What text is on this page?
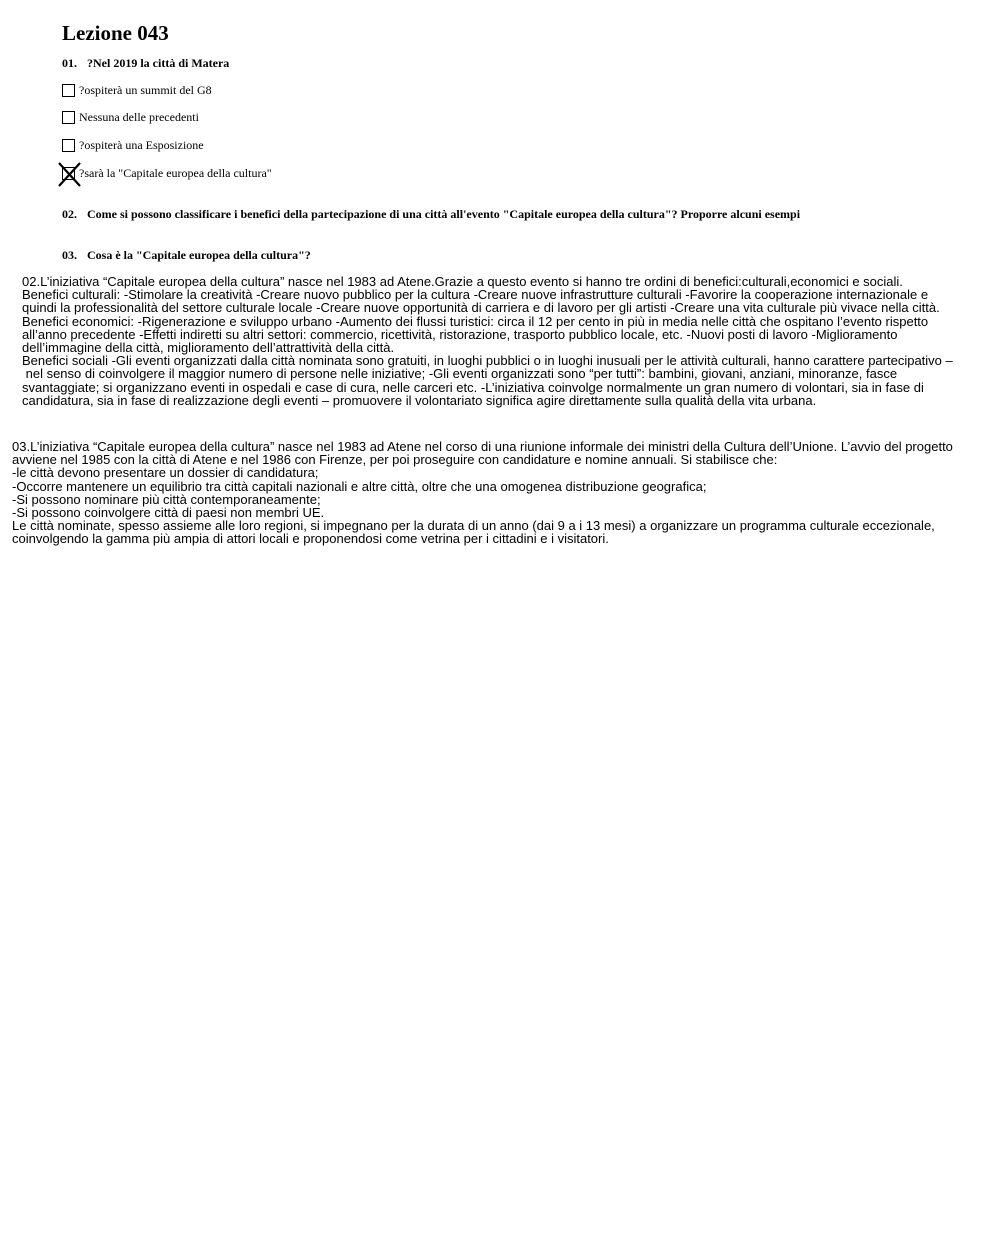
Lezione 043
01. ?Nel 2019 la città di Matera
?ospiterà un summit del G8
Nessuna delle precedenti
?ospiterà una Esposizione
?sarà la "Capitale europea della cultura"
02. Come si possono classificare i benefici della partecipazione di una città all'evento "Capitale europea della cultura"? Proporre alcuni esempi
03. Cosa è la "Capitale europea della cultura"?
02.L’iniziativa “Capitale europea della cultura” nasce nel 1983 ad Atene.Grazie a questo evento si hanno tre ordini di benefici:culturali,economici e sociali.
Benefici culturali: -Stimolare la creatività -Creare nuovo pubblico per la cultura -Creare nuove infrastrutture culturali -Favorire la cooperazione internazionale e
quindi la professionalità del settore culturale locale -Creare nuove opportunità di carriera e di lavoro per gli artisti -Creare una vita culturale più vivace nella città.
Benefici economici: -Rigenerazione e sviluppo urbano -Aumento dei flussi turistici: circa il 12 per cento in più in media nelle città che ospitano l’evento rispetto
all’anno precedente -Effetti indiretti su altri settori: commercio, ricettività, ristorazione, trasporto pubblico locale, etc. -Nuovi posti di lavoro -Miglioramento
dell’immagine della città, miglioramento dell’attrattività della città.
Benefici sociali -Gli eventi organizzati dalla città nominata sono gratuiti, in luoghi pubblici o in luoghi inusuali per le attività culturali, hanno carattere partecipativo –
nel senso di coinvolgere il maggior numero di persone nelle iniziative; -Gli eventi organizzati sono “per tutti”: bambini, giovani, anziani, minoranze, fasce
svantaggiate; si organizzano eventi in ospedali e case di cura, nelle carceri etc. -L’iniziativa coinvolge normalmente un gran numero di volontari, sia in fase di
candidatura, sia in fase di realizzazione degli eventi – promuovere il volontariato significa agire direttamente sulla qualità della vita urbana.
03.L’iniziativa “Capitale europea della cultura” nasce nel 1983 ad Atene nel corso di una riunione informale dei ministri della Cultura dell’Unione. L’avvio del progetto
avviene nel 1985 con la città di Atene e nel 1986 con Firenze, per poi proseguire con candidature e nomine annuali. Si stabilisce che:
-le città devono presentare un dossier di candidatura;
-Occorre mantenere un equilibrio tra città capitali nazionali e altre città, oltre che una omogenea distribuzione geografica;
-Si possono nominare più città contemporaneamente;
-Si possono coinvolgere città di paesi non membri UE.
Le città nominate, spesso assieme alle loro regioni, si impegnano per la durata di un anno (dai 9 a i 13 mesi) a organizzare un programma culturale eccezionale,
coinvolgendo la gamma più ampia di attori locali e proponendosi come vetrina per i cittadini e i visitatori.
